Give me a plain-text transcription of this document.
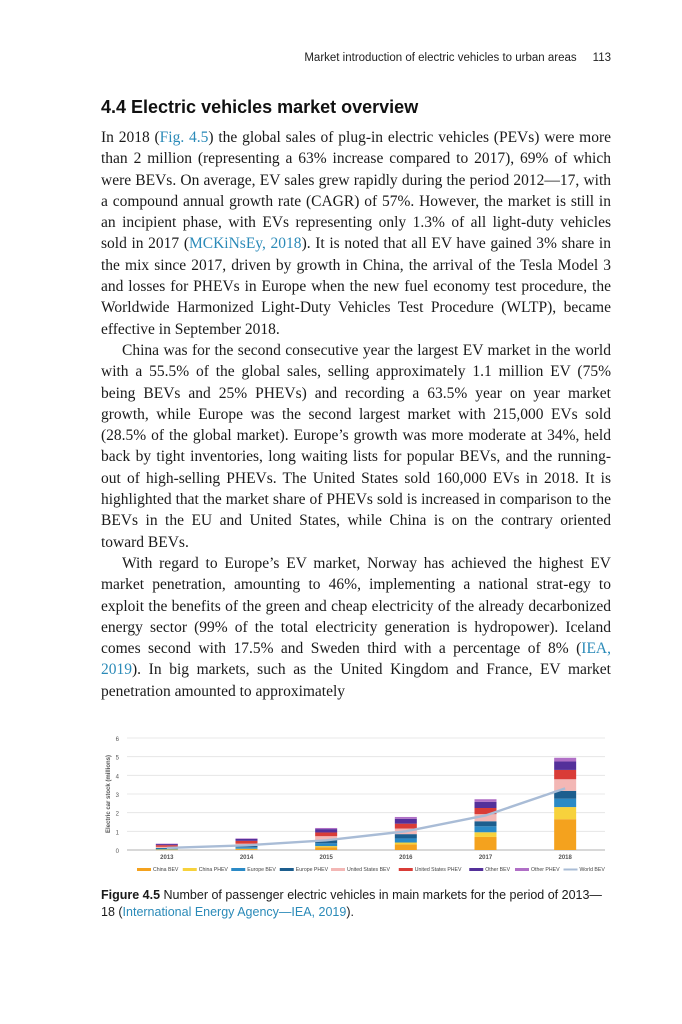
Market introduction of electric vehicles to urban areas 113
4.4 Electric vehicles market overview

In 2018 (Fig. 4.5) the global sales of plug-in electric vehicles (PEVs) were more than 2 million (representing a 63% increase compared to 2017), 69% of which were BEVs. On average, EV sales grew rapidly during the period 2012—17, with a compound annual growth rate (CAGR) of 57%. However, the market is still in an incipient phase, with EVs representing only 1.3% of all light-duty vehicles sold in 2017 (MCKiNsEy, 2018). It is noted that all EV have gained 3% share in the mix since 2017, driven by growth in China, the arrival of the Tesla Model 3 and losses for PHEVs in Europe when the new fuel economy test procedure, the Worldwide Harmonized Light-Duty Vehicles Test Procedure (WLTP), became effective in September 2018.

China was for the second consecutive year the largest EV market in the world with a 55.5% of the global sales, selling approximately 1.1 million EV (75% being BEVs and 25% PHEVs) and recording a 63.5% year on year market growth, while Europe was the second largest market with 215,000 EVs sold (28.5% of the global market). Europe’s growth was more moderate at 34%, held back by tight inventories, long waiting lists for popular BEVs, and the running-out of high-selling PHEVs. The United States sold 160,000 EVs in 2018. It is highlighted that the market share of PHEVs sold is increased in comparison to the BEVs in the EU and United States, while China is on the contrary oriented toward BEVs.

With regard to Europe’s EV market, Norway has achieved the highest EV market penetration, amounting to 46%, implementing a national strat-egy to exploit the benefits of the green and cheap electricity of the already decarbonized energy sector (99% of the total electricity generation is hydropower). Iceland comes second with 17.5% and Sweden third with a percentage of 8% (IEA, 2019). In big markets, such as the United Kingdom and France, EV market penetration amounted to approximately

0
1
2
3
4
5
6
Electric car stock (millions)
2013	2014	2015	2016	2017	2018
China BEV	China PHEV	Europe BEV	Europe PHEV	United States BEV	United States PHEV	Other BEV	Other PHEV	World BEV
Figure 4.5 Number of passenger electric vehicles in main markets for the period of 2013—18 (International Energy Agency—IEA, 2019).
